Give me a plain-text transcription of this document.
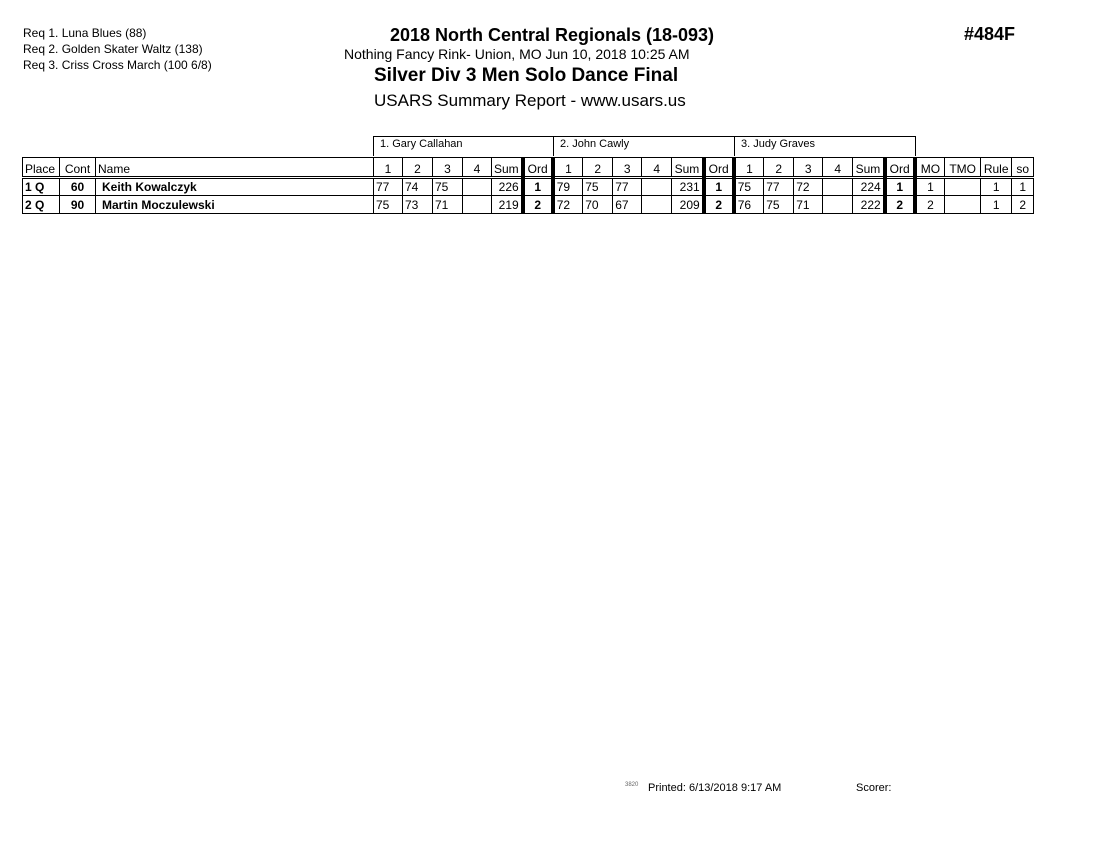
Req 1. Luna Blues (88)
Req 2. Golden Skater Waltz (138)
Req 3. Criss Cross March (100 6/8)
2018 North Central Regionals (18-093)
Nothing Fancy Rink- Union, MO Jun 10, 2018 10:25 AM
Silver Div 3 Men Solo Dance Final
USARS Summary Report - www.usars.us
#484F
1. Gary Callahan	2. John Cawly	3. Judy Graves
Place	Cont	Name	1	2	3	4	Sum	Ord	1	2	3	4	Sum	Ord	1	2	3	4	Sum	Ord	MO	TMO	Rule	so
1 Q	60	Keith Kowalczyk	77	74	75		226	1	79	75	77		231	1	75	77	72		224	1	1		1	1
2 Q	90	Martin Moczulewski	75	73	71		219	2	72	70	67		209	2	76	75	71		222	2	2		1	2
3820 Printed: 6/13/2018 9:17 AM	Scorer:
